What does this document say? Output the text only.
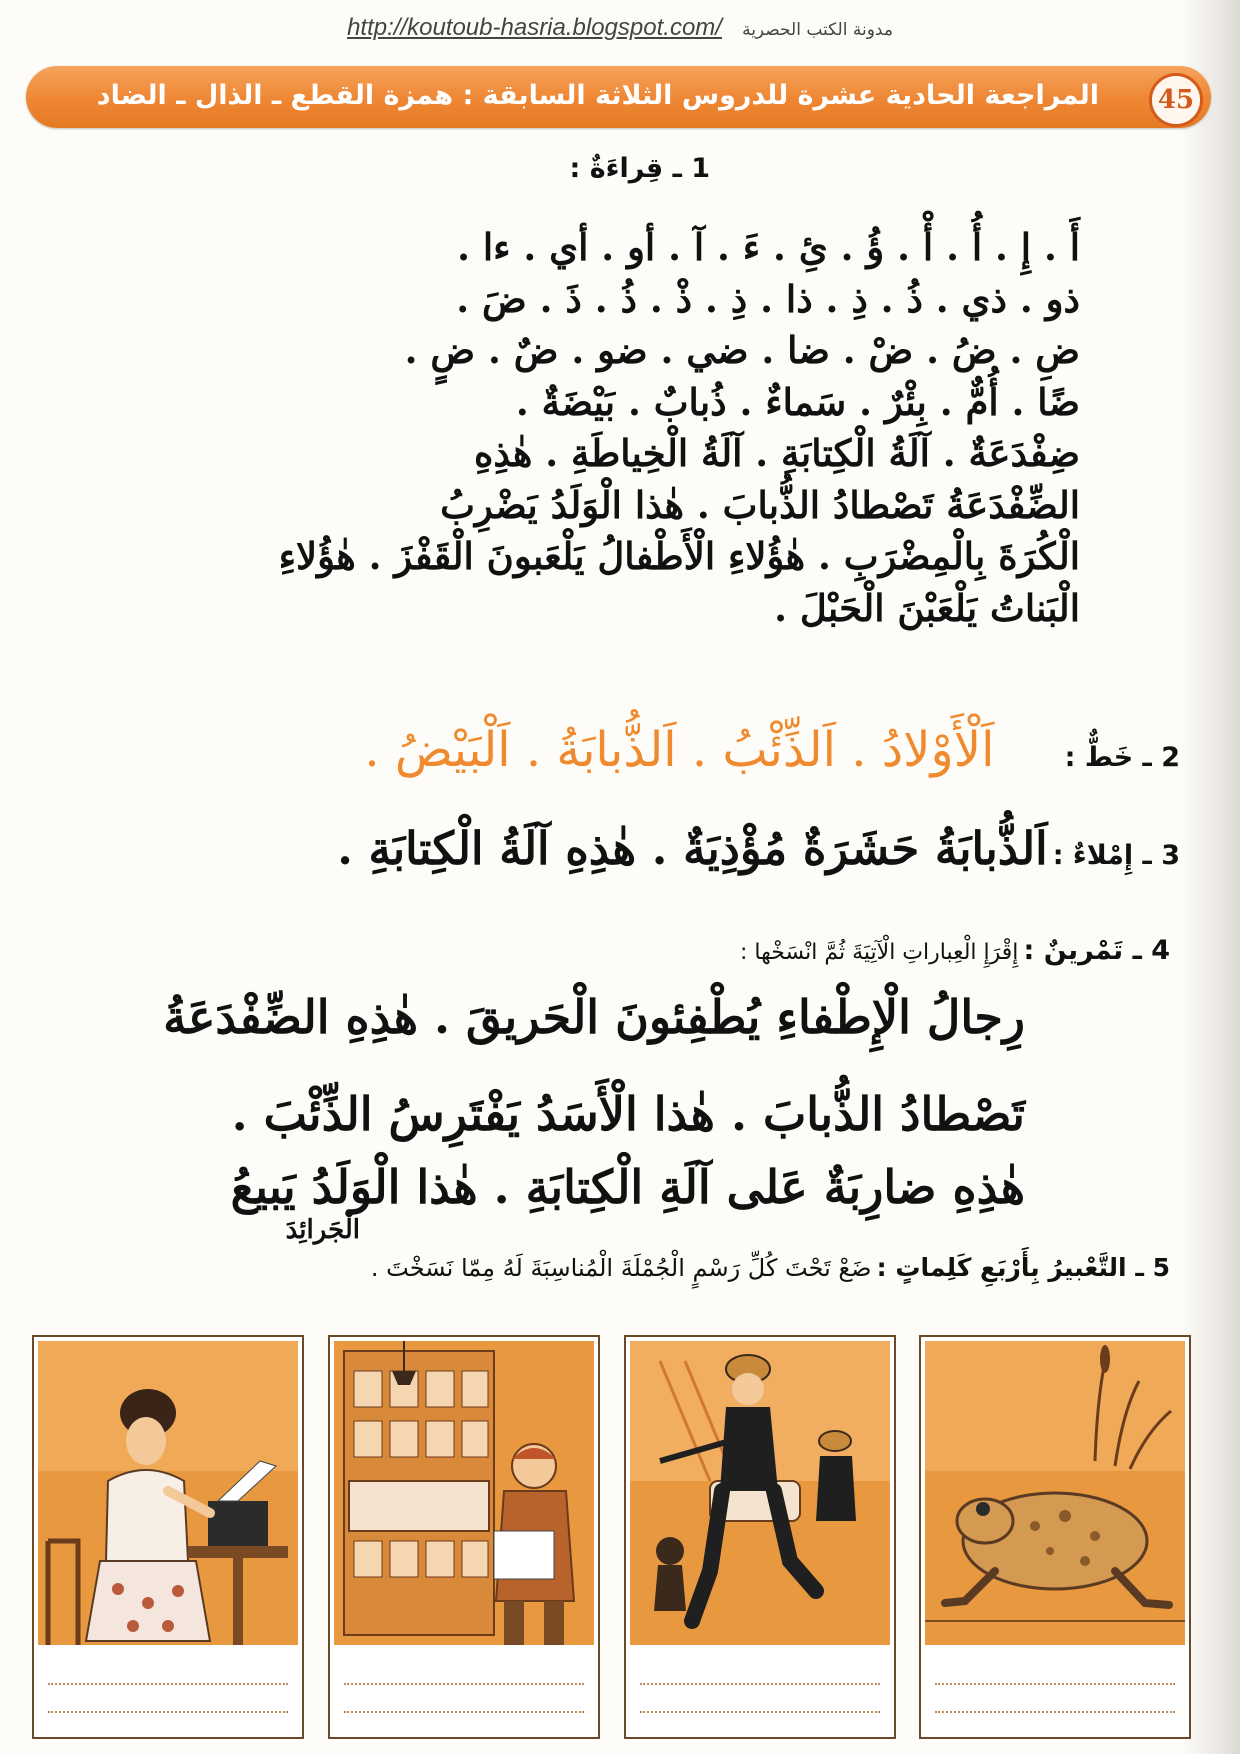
http://koutoub-hasria.blogspot.com/ مدونة الكتب الحصرية
45
المراجعة الحادية عشرة للدروس الثلاثة السابقة : همزة القطع ـ الذال ـ الضاد
1 ـ قِراءَةٌ :

أَ . إِ . أُ . أْ . ؤُ . ئِ . ءَ . آ . أو . أي . ءا .

ذو . ذي . ذُ . ذِ . ذا . ذِ . ذْ . ذُ . ذَ . ضَ .

ضِ . ضُ . ضْ . ضا . ضي . ضو . ضٌ . ضٍ .

ضًا . أُمٌّ . بِئْرٌ . سَماءٌ . ذُبابٌ . بَيْضَةٌ .

ضِفْدَعَةٌ . آلَةُ الْكِتابَةِ . آلَةُ الْخِياطَةِ . هٰذِهِ

الضِّفْدَعَةُ تَصْطادُ الذُّبابَ . هٰذا الْوَلَدُ يَضْرِبُ

الْكُرَةَ بِالْمِضْرَبِ . هٰؤُلاءِ الْأَطْفالُ يَلْعَبونَ الْقَفْزَ . هٰؤُلاءِ

الْبَناتُ يَلْعَبْنَ الْحَبْلَ .

2 ـ خَطٌّ :  اَلْأَوْلادُ . اَلذِّئْبُ . اَلذُّبابَةُ . اَلْبَيْضُ .
3 ـ إِمْلاءٌ : اَلذُّبابَةُ حَشَرَةٌ مُؤْذِيَةٌ . هٰذِهِ آلَةُ الْكِتابَةِ .
4 ـ تَمْرينٌ : إِقْرَإِ الْعِباراتِ الْآتِيَةَ ثُمَّ انْسَخْها :
رِجالُ الْإِطْفاءِ يُطْفِئونَ الْحَريقَ . هٰذِهِ الضِّفْدَعَةُ
تَصْطادُ الذُّبابَ . هٰذا الْأَسَدُ يَفْتَرِسُ الذِّئْبَ .
هٰذِهِ ضارِبَةٌ عَلى آلَةِ الْكِتابَةِ . هٰذا الْوَلَدُ يَبيعُ
الْجَرائِدَ
5 ـ التَّعْبيرُ بِأَرْبَعِ كَلِماتٍ : ضَعْ تَحْتَ كُلِّ رَسْمٍ الْجُمْلَةَ الْمُناسِبَةَ لَهُ مِمّا نَسَخْتَ .
